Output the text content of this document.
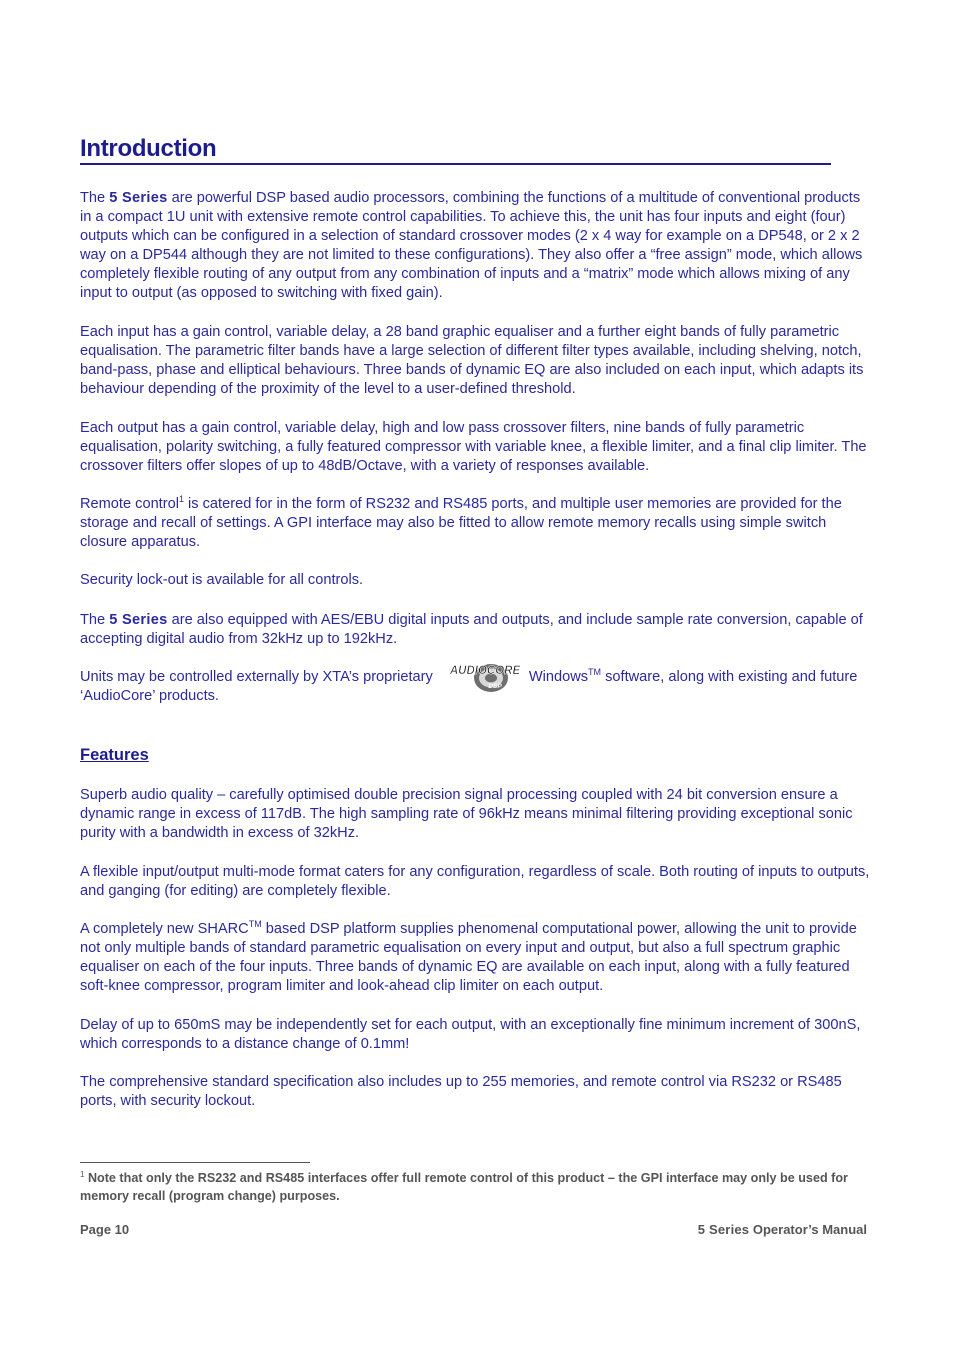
Introduction

The 5 Series are powerful DSP based audio processors, combining the functions of a multitude of conventional products in a compact 1U unit with extensive remote control capabilities. To achieve this, the unit has four inputs and eight (four) outputs which can be configured in a selection of standard crossover modes (2 x 4 way for example on a DP548, or 2 x 2 way on a DP544 although they are not limited to these configurations). They also offer a “free assign” mode, which allows completely flexible routing of any output from any combination of inputs and a “matrix” mode which allows mixing of any input to output (as opposed to switching with fixed gain).

Each input has a gain control, variable delay, a 28 band graphic equaliser and a further eight bands of fully parametric equalisation. The parametric filter bands have a large selection of different filter types available, including shelving, notch, band-pass, phase and elliptical behaviours. Three bands of dynamic EQ are also included on each input, which adapts its behaviour depending of the proximity of the level to a user-defined threshold.

Each output has a gain control, variable delay, high and low pass crossover filters, nine bands of fully parametric equalisation, polarity switching, a fully featured compressor with variable knee, a flexible limiter, and a final clip limiter. The crossover filters offer slopes of up to 48dB/Octave, with a variety of responses available.

Remote control$^1$ is catered for in the form of RS232 and RS485 ports, and multiple user memories are provided for the storage and recall of settings. A GPI interface may also be fitted to allow remote memory recalls using simple switch closure apparatus.

Security lock-out is available for all controls.

The 5 Series are also equipped with AES/EBU digital inputs and outputs, and include sample rate conversion, capable of accepting digital audio from 32kHz up to 192kHz.

Units may be controlled externally by XTA’s proprietary AUDIOCORE
DSP
Windows™ software, along with existing and future ‘AudioCore’ products.

Features

Superb audio quality – carefully optimised double precision signal processing coupled with 24 bit conversion ensure a dynamic range in excess of 117dB. The high sampling rate of 96kHz means minimal filtering providing exceptional sonic purity with a bandwidth in excess of 32kHz.

A flexible input/output multi-mode format caters for any configuration, regardless of scale. Both routing of inputs to outputs, and ganging (for editing) are completely flexible.

A completely new SHARC™ based DSP platform supplies phenomenal computational power, allowing the unit to provide not only multiple bands of standard parametric equalisation on every input and output, but also a full spectrum graphic equaliser on each of the four inputs. Three bands of dynamic EQ are available on each input, along with a fully featured soft-knee compressor, program limiter and look-ahead clip limiter on each output.

Delay of up to 650mS may be independently set for each output, with an exceptionally fine minimum increment of 300nS, which corresponds to a distance change of 0.1mm!

The comprehensive standard specification also includes up to 255 memories, and remote control via RS232 or RS485 ports, with security lockout.

$^1$ Note that only the RS232 and RS485 interfaces offer full remote control of this product – the GPI interface may only be used for memory recall (program change) purposes.

Page 10	5 Series Operator’s Manual
